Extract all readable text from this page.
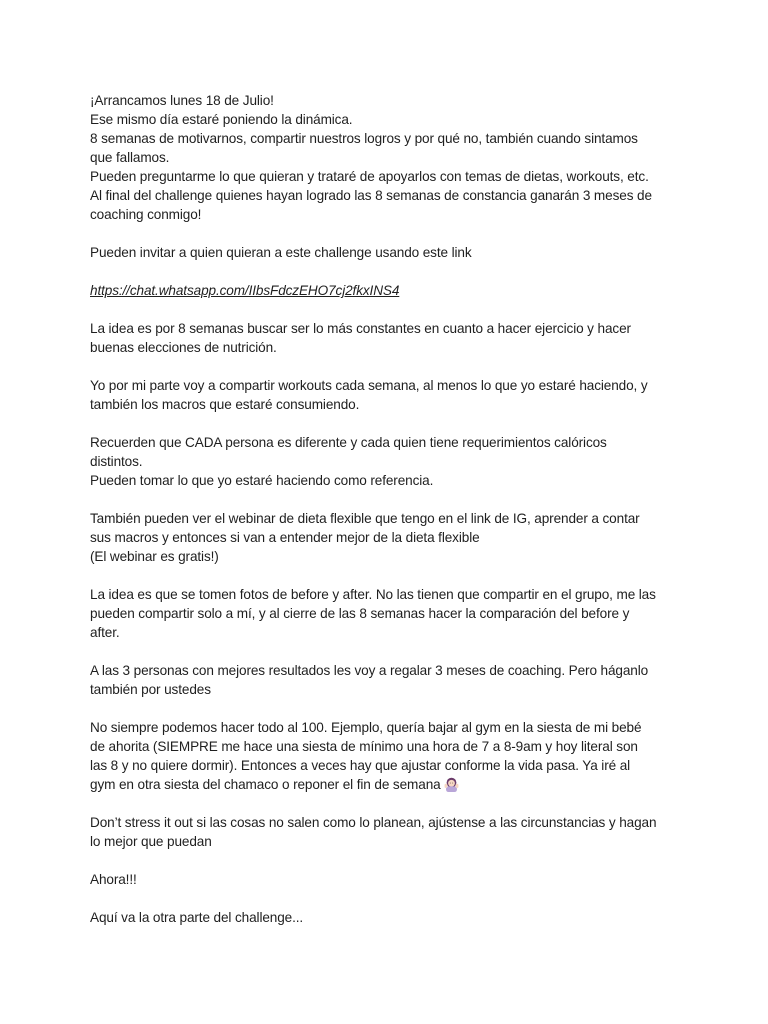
¡Arrancamos lunes 18 de Julio!
Ese mismo día estaré poniendo la dinámica.
8 semanas de motivarnos, compartir nuestros logros y por qué no, también cuando sintamos
que fallamos.
Pueden preguntarme lo que quieran y trataré de apoyarlos con temas de dietas, workouts, etc.
Al final del challenge quienes hayan logrado las 8 semanas de constancia ganarán 3 meses de
coaching conmigo!

Pueden invitar a quien quieran a este challenge usando este link

https://chat.whatsapp.com/IIbsFdczEHO7cj2fkxINS4

La idea es por 8 semanas buscar ser lo más constantes en cuanto a hacer ejercicio y hacer
buenas elecciones de nutrición.

Yo por mi parte voy a compartir workouts cada semana, al menos lo que yo estaré haciendo, y
también los macros que estaré consumiendo.

Recuerden que CADA persona es diferente y cada quien tiene requerimientos calóricos
distintos.
Pueden tomar lo que yo estaré haciendo como referencia.

También pueden ver el webinar de dieta flexible que tengo en el link de IG, aprender a contar
sus macros y entonces si van a entender mejor de la dieta flexible
(El webinar es gratis!)

La idea es que se tomen fotos de before y after. No las tienen que compartir en el grupo, me las
pueden compartir solo a mí, y al cierre de las 8 semanas hacer la comparación del before y
after.

A las 3 personas con mejores resultados les voy a regalar 3 meses de coaching. Pero háganlo
también por ustedes

No siempre podemos hacer todo al 100. Ejemplo, quería bajar al gym en la siesta de mi bebé
de ahorita (SIEMPRE me hace una siesta de mínimo una hora de 7 a 8-9am y hoy literal son
las 8 y no quiere dormir). Entonces a veces hay que ajustar conforme la vida pasa. Ya iré al
gym en otra siesta del chamaco o reponer el fin de semana

Don’t stress it out si las cosas no salen como lo planean, ajústense a las circunstancias y hagan
lo mejor que puedan

Ahora!!!

Aquí va la otra parte del challenge...
